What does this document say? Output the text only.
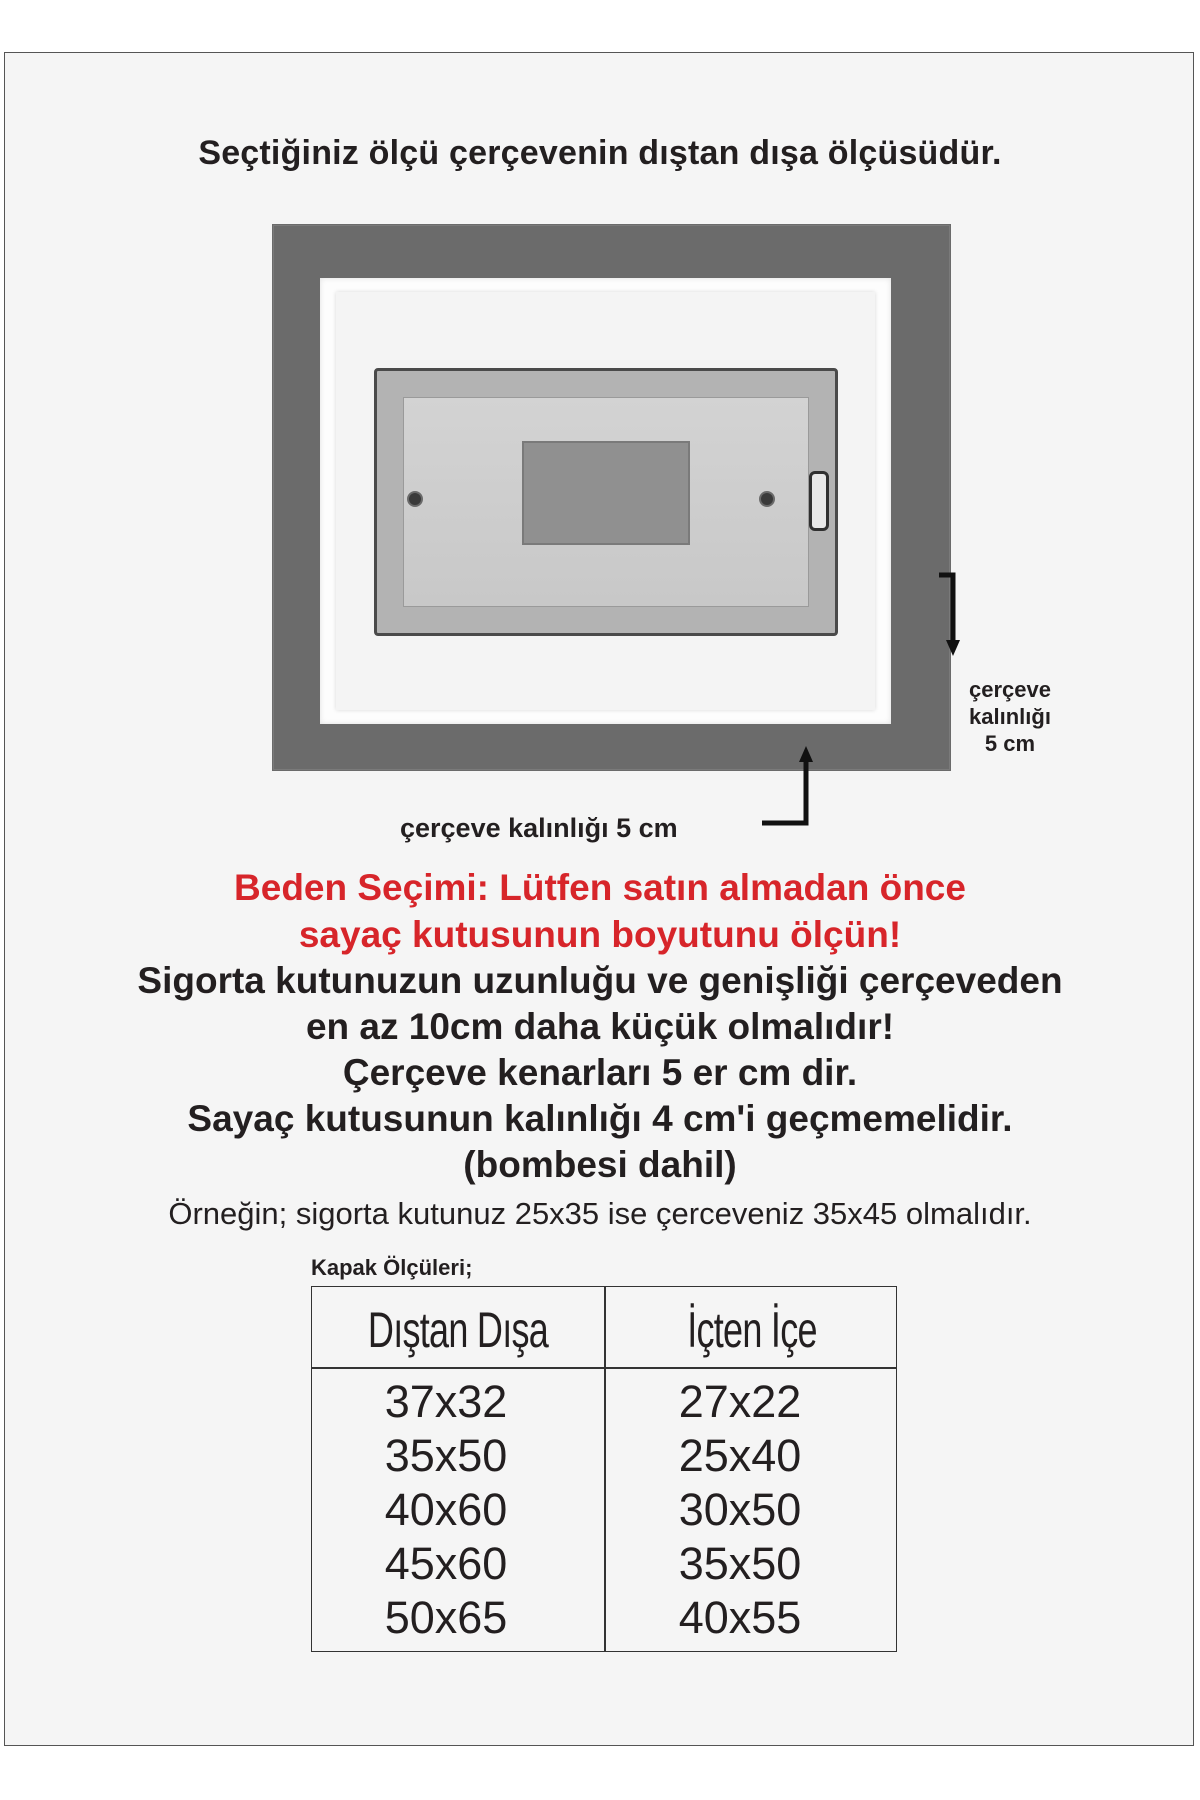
Seçtiğiniz ölçü çerçevenin dıştan dışa ölçüsüdür.
çerçeve
kalınlığı
5 cm
çerçeve kalınlığı 5 cm
Beden Seçimi: Lütfen satın almadan önce
sayaç kutusunun boyutunu ölçün!
Sigorta kutunuzun uzunluğu ve genişliği çerçeveden
en az 10cm daha küçük olmalıdır!
Çerçeve kenarları 5 er cm dir.
Sayaç kutusunun kalınlığı 4 cm'i geçmemelidir.
(bombesi dahil)
Örneğin; sigorta kutunuz 25x35 ise çerceveniz 35x45 olmalıdır.
Kapak Ölçüleri;
Dıştan Dışa	İçten İçe
37x32
35x50
40x60
45x60
50x65
27x22
25x40
30x50
35x50
40x55
